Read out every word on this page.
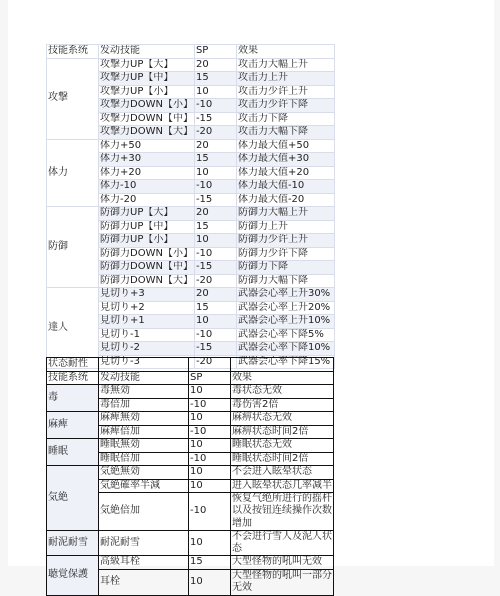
技能系统	发动技能	SP	效果
攻撃	攻撃力UP【大】	20	攻击力大幅上升
	攻撃力UP【中】	15	攻击力上升
	攻撃力UP【小】	10	攻击力少许上升
	攻撃力DOWN【小】	-10	攻击力少许下降
	攻撃力DOWN【中】	-15	攻击力下降
	攻撃力DOWN【大】	-20	攻击力大幅下降
体力	体力+50	20	体力最大值+50
	体力+30	15	体力最大值+30
	体力+20	10	体力最大值+20
	体力-10	-10	体力最大值-10
	体力-20	-15	体力最大值-20
防御	防御力UP【大】	20	防御力大幅上升
	防御力UP【中】	15	防御力上升
	防御力UP【小】	10	防御力少许上升
	防御力DOWN【小】	-10	防御力少许下降
	防御力DOWN【中】	-15	防御力下降
	防御力DOWN【大】	-20	防御力大幅下降
達人	見切り+3	20	武器会心率上升30%
	見切り+2	15	武器会心率上升20%
	見切り+1	10	武器会心率上升10%
	見切り-1	-10	武器会心率下降5%
	見切り-2	-15	武器会心率下降10%
	見切り-3	-20	武器会心率下降15%
状态耐性			
技能系统	发动技能	SP	效果
毒	毒無効	10	毒状态无效
	毒倍加	-10	毒伤害2倍
麻痺	麻痺無効	10	麻痹状态无效
	麻痺倍加	-10	麻痹状态时间2倍
睡眠	睡眠無効	10	睡眠状态无效
	睡眠倍加	-10	睡眠状态时间2倍
気絶	気絶無効	10	不会进入眩晕状态
	気絶確率半減	10	进入眩晕状态几率减半
	気絶倍加	-10	恢复气绝所进行的摇杆以及按钮连续操作次数增加
耐泥耐雪	耐泥耐雪	10	不会进行雪人及泥人状态
聴覚保護	高級耳栓	15	大型怪物的吼叫无效
	耳栓	10	大型怪物的吼叫一部分无效
